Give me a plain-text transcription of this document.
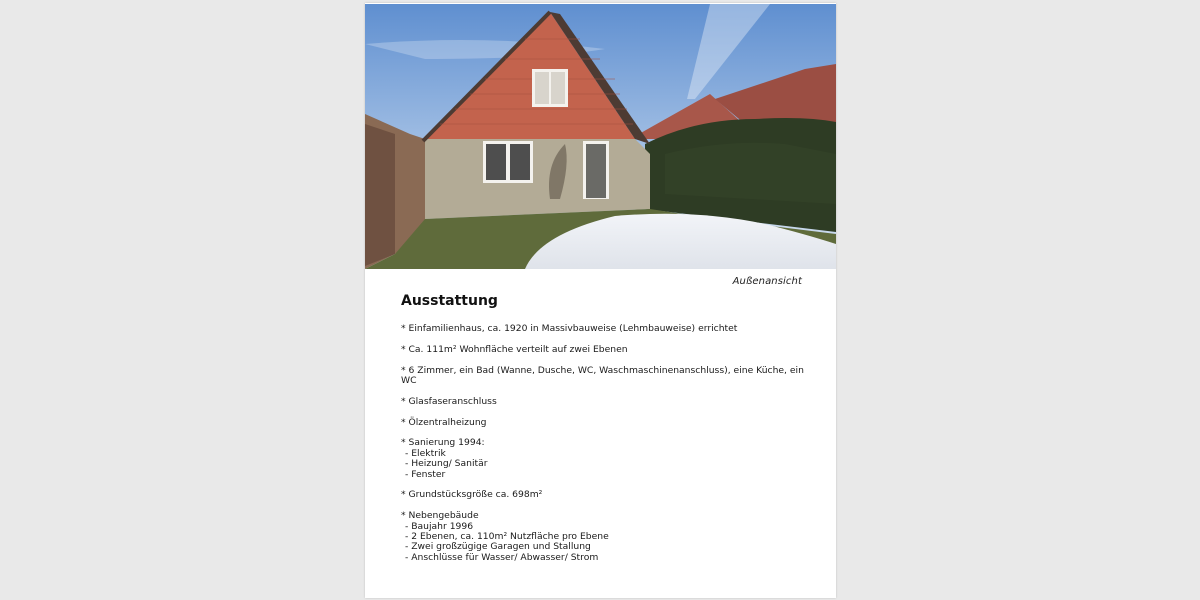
Außenansicht
Ausstattung
* Einfamilienhaus, ca. 1920 in Massivbauweise (Lehmbauweise) errichtet
* Ca. 111m² Wohnfläche verteilt auf zwei Ebenen
* 6 Zimmer, ein Bad (Wanne, Dusche, WC, Waschmaschinenanschluss), eine Küche, ein WC
* Glasfaseranschluss
* Ölzentralheizung
* Sanierung 1994:
- Elektrik
- Heizung/ Sanitär
- Fenster
* Grundstücksgröße ca. 698m²
* Nebengebäude
- Baujahr 1996
- 2 Ebenen, ca. 110m² Nutzfläche pro Ebene
- Zwei großzügige Garagen und Stallung
- Anschlüsse für Wasser/ Abwasser/ Strom
